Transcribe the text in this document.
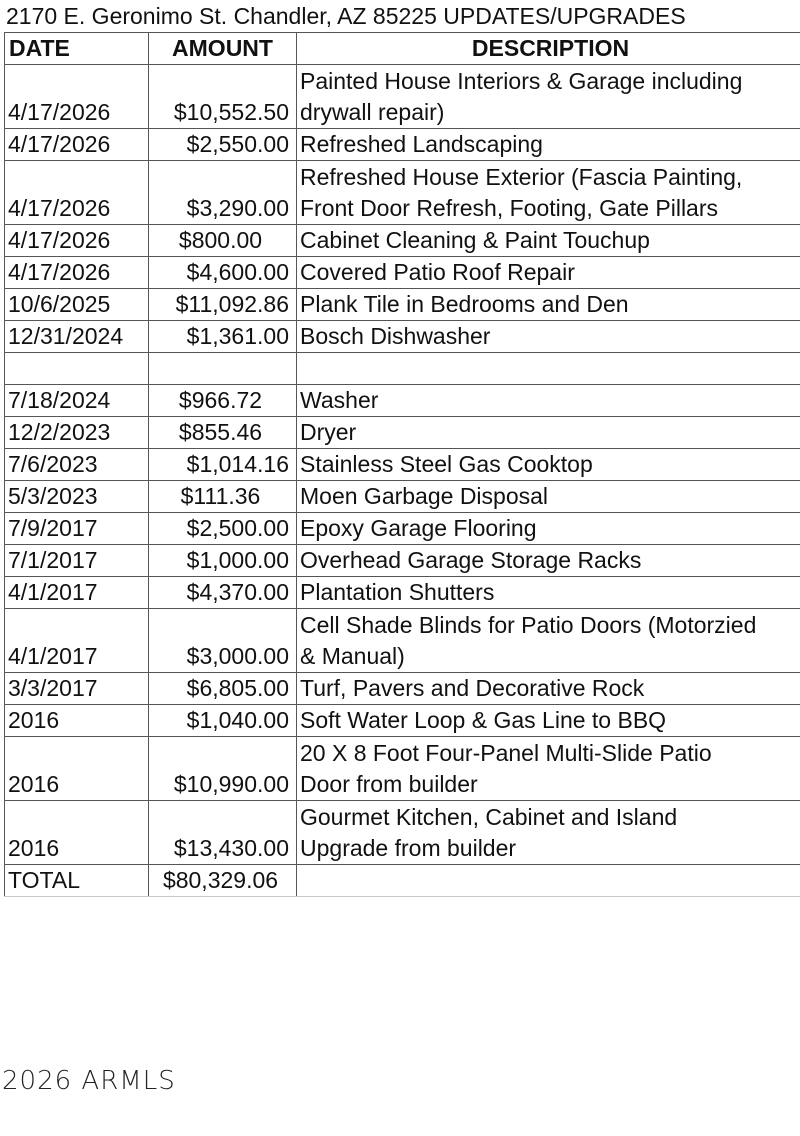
2170 E. Geronimo St. Chandler, AZ 85225 UPDATES/UPGRADES
DATE	AMOUNT	DESCRIPTION
4/17/2026	$10,552.50	Painted House Interiors & Garage including
drywall repair)

4/17/2026	$2,550.00	Refreshed Landscaping

4/17/2026	$3,290.00	Refreshed House Exterior (Fascia Painting,
Front Door Refresh, Footing, Gate Pillars

4/17/2026	$800.00	Cabinet Cleaning & Paint Touchup

4/17/2026	$4,600.00	Covered Patio Roof Repair

10/6/2025	$11,092.86	Plank Tile in Bedrooms and Den

12/31/2024	$1,361.00	Bosch Dishwasher

7/18/2024	$966.72	Washer

12/2/2023	$855.46	Dryer

7/6/2023	$1,014.16	Stainless Steel Gas Cooktop

5/3/2023	$111.36	Moen Garbage Disposal

7/9/2017	$2,500.00	Epoxy Garage Flooring

7/1/2017	$1,000.00	Overhead Garage Storage Racks

4/1/2017	$4,370.00	Plantation Shutters

4/1/2017	$3,000.00	Cell Shade Blinds for Patio Doors (Motorzied
& Manual)

3/3/2017	$6,805.00	Turf, Pavers and Decorative Rock

2016	$1,040.00	Soft Water Loop & Gas Line to BBQ

2016	$10,990.00	20 X 8 Foot Four-Panel Multi-Slide Patio
Door from builder

2016	$13,430.00	Gourmet Kitchen, Cabinet and Island
Upgrade from builder

TOTAL	$80,329.06	
2026 ARMLS
